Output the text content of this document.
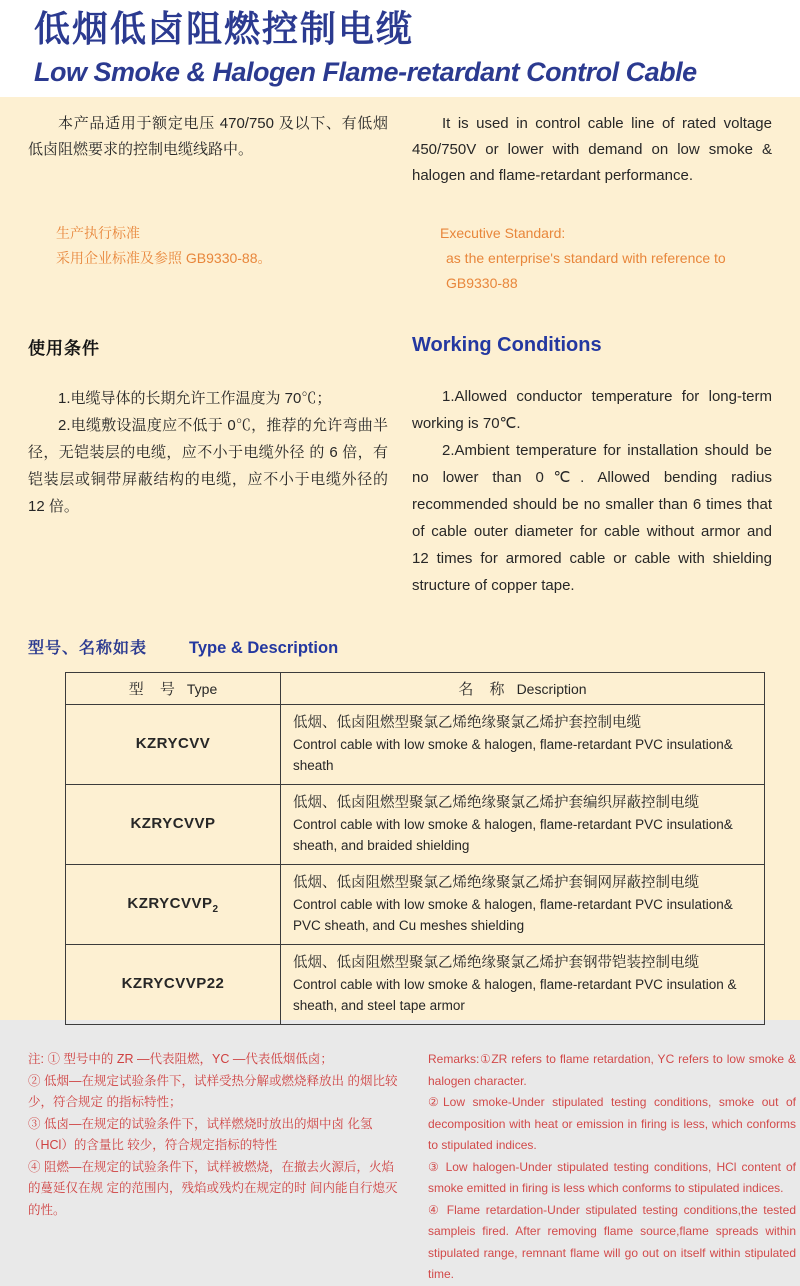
低烟低卤阻燃控制电缆
Low Smoke & Halogen Flame-retardant Control Cable

本产品适用于额定电压 470/750 及以下、有低烟低卤阻燃要求的控制电缆线路中。

It is used in control cable line of rated voltage 450/750V or lower with demand on low smoke & halogen and flame-retardant performance.

生产执行标准
采用企业标准及参照 GB9330-88。
Executive Standard:
as the enterprise's standard with reference to GB9330-88
使用条件

1.电缆导体的长期允许工作温度为 70℃；

2.电缆敷设温度应不低于 0℃，推荐的允许弯曲半径，无铠装层的电缆，应不小于电缆外径 的 6 倍，有铠装层或铜带屏蔽结构的电缆，应不小于电缆外径的 12 倍。

Working Conditions

1.Allowed conductor temperature for long-term working is 70℃.

2.Ambient temperature for installation should be no lower than 0℃. Allowed bending radius recommended should be no smaller than 6 times that of cable outer diameter for cable without armor and 12 times for armored cable or cable with shielding structure of copper tape.

型号、名称如表	Type & Description
型 号 Type	名 称 Description
KZRYCVV	低烟、低卤阻燃型聚氯乙烯绝缘聚氯乙烯护套控制电缆
Control cable with low smoke & halogen, flame-retardant PVC insulation& sheath

KZRYCVVP	低烟、低卤阻燃型聚氯乙烯绝缘聚氯乙烯护套编织屏蔽控制电缆
Control cable with low smoke & halogen, flame-retardant PVC insulation& sheath, and braided shielding

$KZRYCVVP_2$	低烟、低卤阻燃型聚氯乙烯绝缘聚氯乙烯护套铜网屏蔽控制电缆
Control cable with low smoke & halogen, flame-retardant PVC insulation& PVC sheath, and Cu meshes shielding

KZRYCVVP22	低烟、低卤阻燃型聚氯乙烯绝缘聚氯乙烯护套钢带铠装控制电缆
Control cable with low smoke & halogen, flame-retardant PVC insulation & sheath, and steel tape armor

注: ① 型号中的 ZR —代表阻燃，YC —代表低烟低卤；

② 低烟—在规定试验条件下，试样受热分解或燃烧释放出 的烟比较少，符合规定 的指标特性；

③ 低卤—在规定的试验条件下，试样燃烧时放出的烟中卤 化氢（HCl）的含量比 较少，符合规定指标的特性

④ 阻燃—在规定的试验条件下，试样被燃烧，在撤去火源后，火焰的蔓延仅在规 定的范围内，残焰或残灼在规定的时 间内能自行熄灭的性。

Remarks:①ZR refers to flame retardation, YC refers to low smoke & halogen character.

②Low smoke-Under stipulated testing conditions, smoke out of decomposition with heat or emission in firing is less, which conforms to stipulated indices.

③ Low halogen-Under stipulated testing conditions, HCl content of smoke emitted in firing is less which conforms to stipulated indices.

④ Flame retardation-Under stipulated testing conditions,the tested sampleis fired. After removing flame source,flame spreads within stipulated range, remnant flame will go out on itself within stipulated time.
